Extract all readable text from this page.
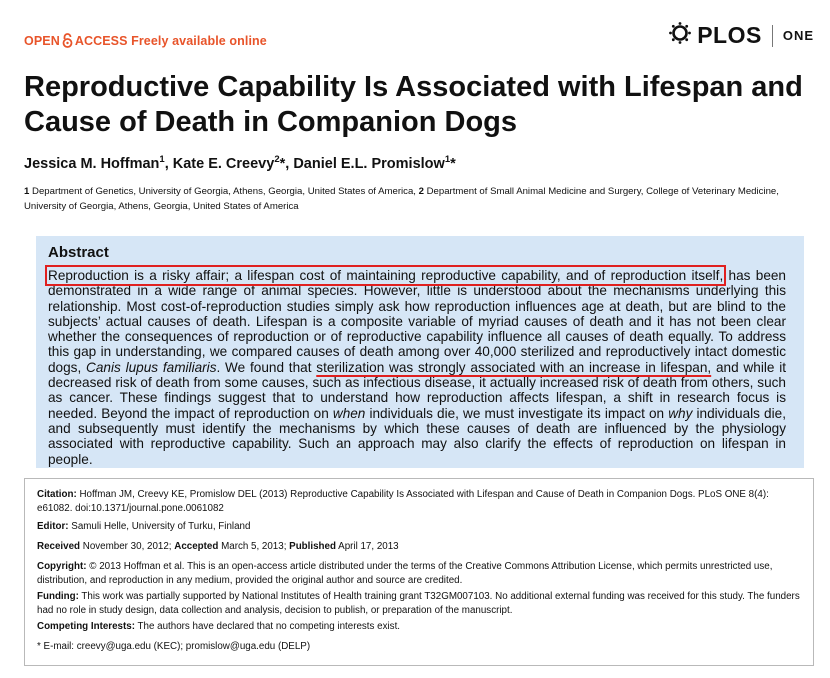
OPEN ACCESS Freely available online	PLOS ONE
Reproductive Capability Is Associated with Lifespan and Cause of Death in Companion Dogs
Jessica M. Hoffman$^1$, Kate E. Creevy$^2$*, Daniel E.L. Promislow$^1$*

1 Department of Genetics, University of Georgia, Athens, Georgia, United States of America, 2 Department of Small Animal Medicine and Surgery, College of Veterinary Medicine, University of Georgia, Athens, Georgia, United States of America

Abstract

Reproduction is a risky affair; a lifespan cost of maintaining reproductive capability, and of reproduction itself, has been demonstrated in a wide range of animal species. However, little is understood about the mechanisms underlying this relationship. Most cost-of-reproduction studies simply ask how reproduction influences age at death, but are blind to the subjects’ actual causes of death. Lifespan is a composite variable of myriad causes of death and it has not been clear whether the consequences of reproduction or of reproductive capability influence all causes of death equally. To address this gap in understanding, we compared causes of death among over 40,000 sterilized and reproductively intact domestic dogs, Canis lupus familiaris. We found that sterilization was strongly associated with an increase in lifespan, and while it decreased risk of death from some causes, such as infectious disease, it actually increased risk of death from others, such as cancer. These findings suggest that to understand how reproduction affects lifespan, a shift in research focus is needed. Beyond the impact of reproduction on when individuals die, we must investigate its impact on why individuals die, and subsequently must identify the mechanisms by which these causes of death are influenced by the physiology associated with reproductive capability. Such an approach may also clarify the effects of reproduction on lifespan in people.

Citation: Hoffman JM, Creevy KE, Promislow DEL (2013) Reproductive Capability Is Associated with Lifespan and Cause of Death in Companion Dogs. PLoS ONE 8(4): e61082. doi:10.1371/journal.pone.0061082

Editor: Samuli Helle, University of Turku, Finland

Received November 30, 2012; Accepted March 5, 2013; Published April 17, 2013

Copyright: © 2013 Hoffman et al. This is an open-access article distributed under the terms of the Creative Commons Attribution License, which permits unrestricted use, distribution, and reproduction in any medium, provided the original author and source are credited.

Funding: This work was partially supported by National Institutes of Health training grant T32GM007103. No additional external funding was received for this study. The funders had no role in study design, data collection and analysis, decision to publish, or preparation of the manuscript.

Competing Interests: The authors have declared that no competing interests exist.

* E-mail: creevy@uga.edu (KEC); promislow@uga.edu (DELP)
